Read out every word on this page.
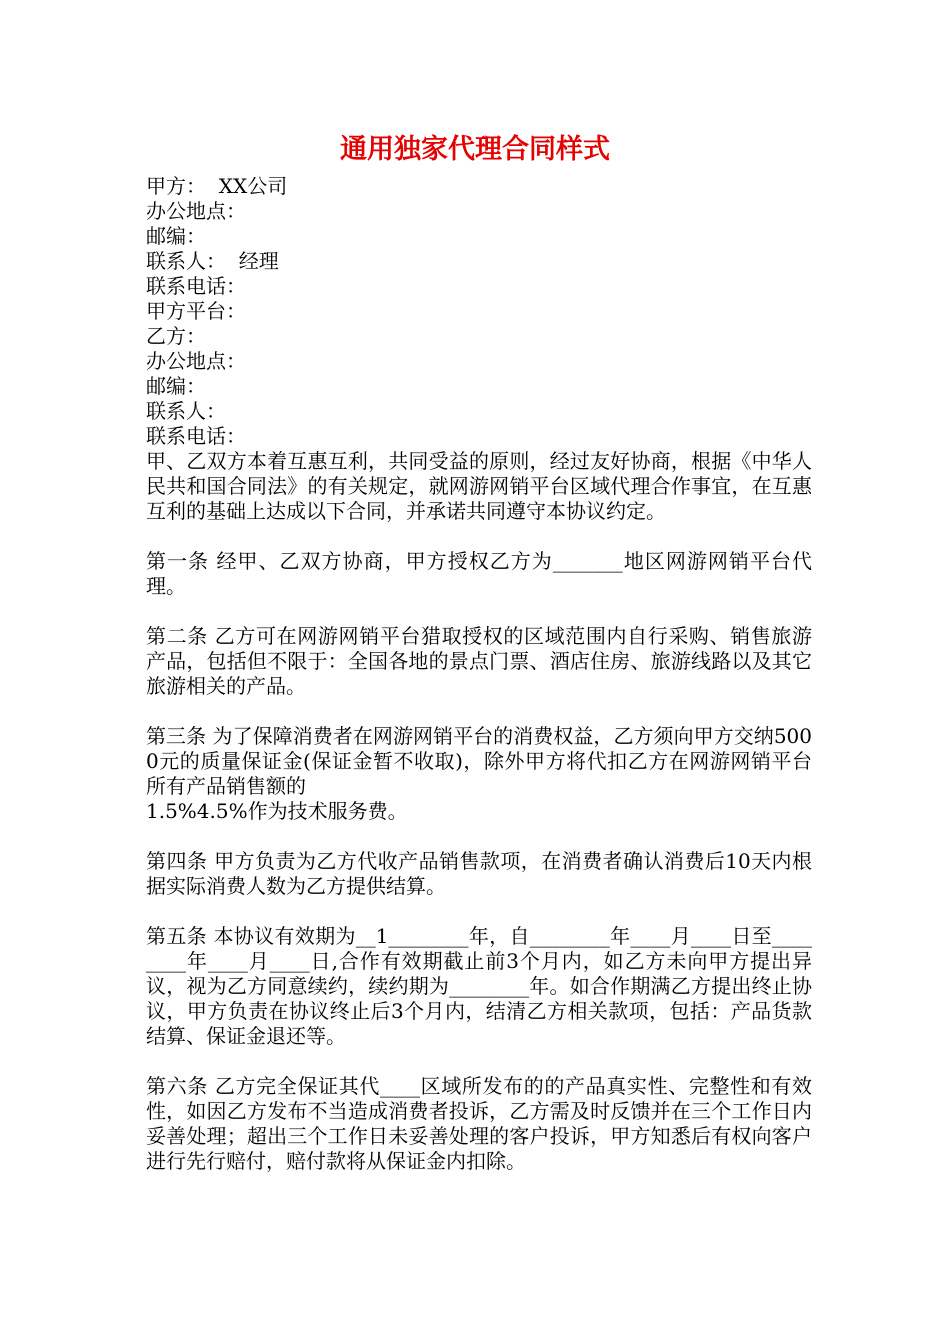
通用独家代理合同样式

甲方：  XX公司

办公地点：

邮编：

联系人：  经理

联系电话：

甲方平台：

乙方：

办公地点：

邮编：

联系人：

联系电话：

甲、乙双方本着互惠互利，共同受益的原则，经过友好协商，根据《中华人民共和国合同法》的有关规定，就网游网销平台区域代理合作事宜，在互惠互利的基础上达成以下合同，并承诺共同遵守本协议约定。

第一条 经甲、乙双方协商，甲方授权乙方为_______地区网游网销平台代理。

第二条 乙方可在网游网销平台猎取授权的区域范围内自行采购、销售旅游产品，包括但不限于：全国各地的景点门票、酒店住房、旅游线路以及其它旅游相关的产品。

第三条 为了保障消费者在网游网销平台的消费权益，乙方须向甲方交纳5000元的质量保证金(保证金暂不收取)，除外甲方将代扣乙方在网游网销平台所有产品销售额的
1.5%4.5%作为技术服务费。

第四条 甲方负责为乙方代收产品销售款项，在消费者确认消费后10天内根据实际消费人数为乙方提供结算。

第五条 本协议有效期为__1________年，自________年____月____日至________年____月____日,合作有效期截止前3个月内，如乙方未向甲方提出异议，视为乙方同意续约，续约期为________年。如合作期满乙方提出终止协议，甲方负责在协议终止后3个月内，结清乙方相关款项，包括：产品货款结算、保证金退还等。

第六条 乙方完全保证其代____区域所发布的的产品真实性、完整性和有效性，如因乙方发布不当造成消费者投诉，乙方需及时反馈并在三个工作日内妥善处理；超出三个工作日未妥善处理的客户投诉，甲方知悉后有权向客户进行先行赔付，赔付款将从保证金内扣除。
